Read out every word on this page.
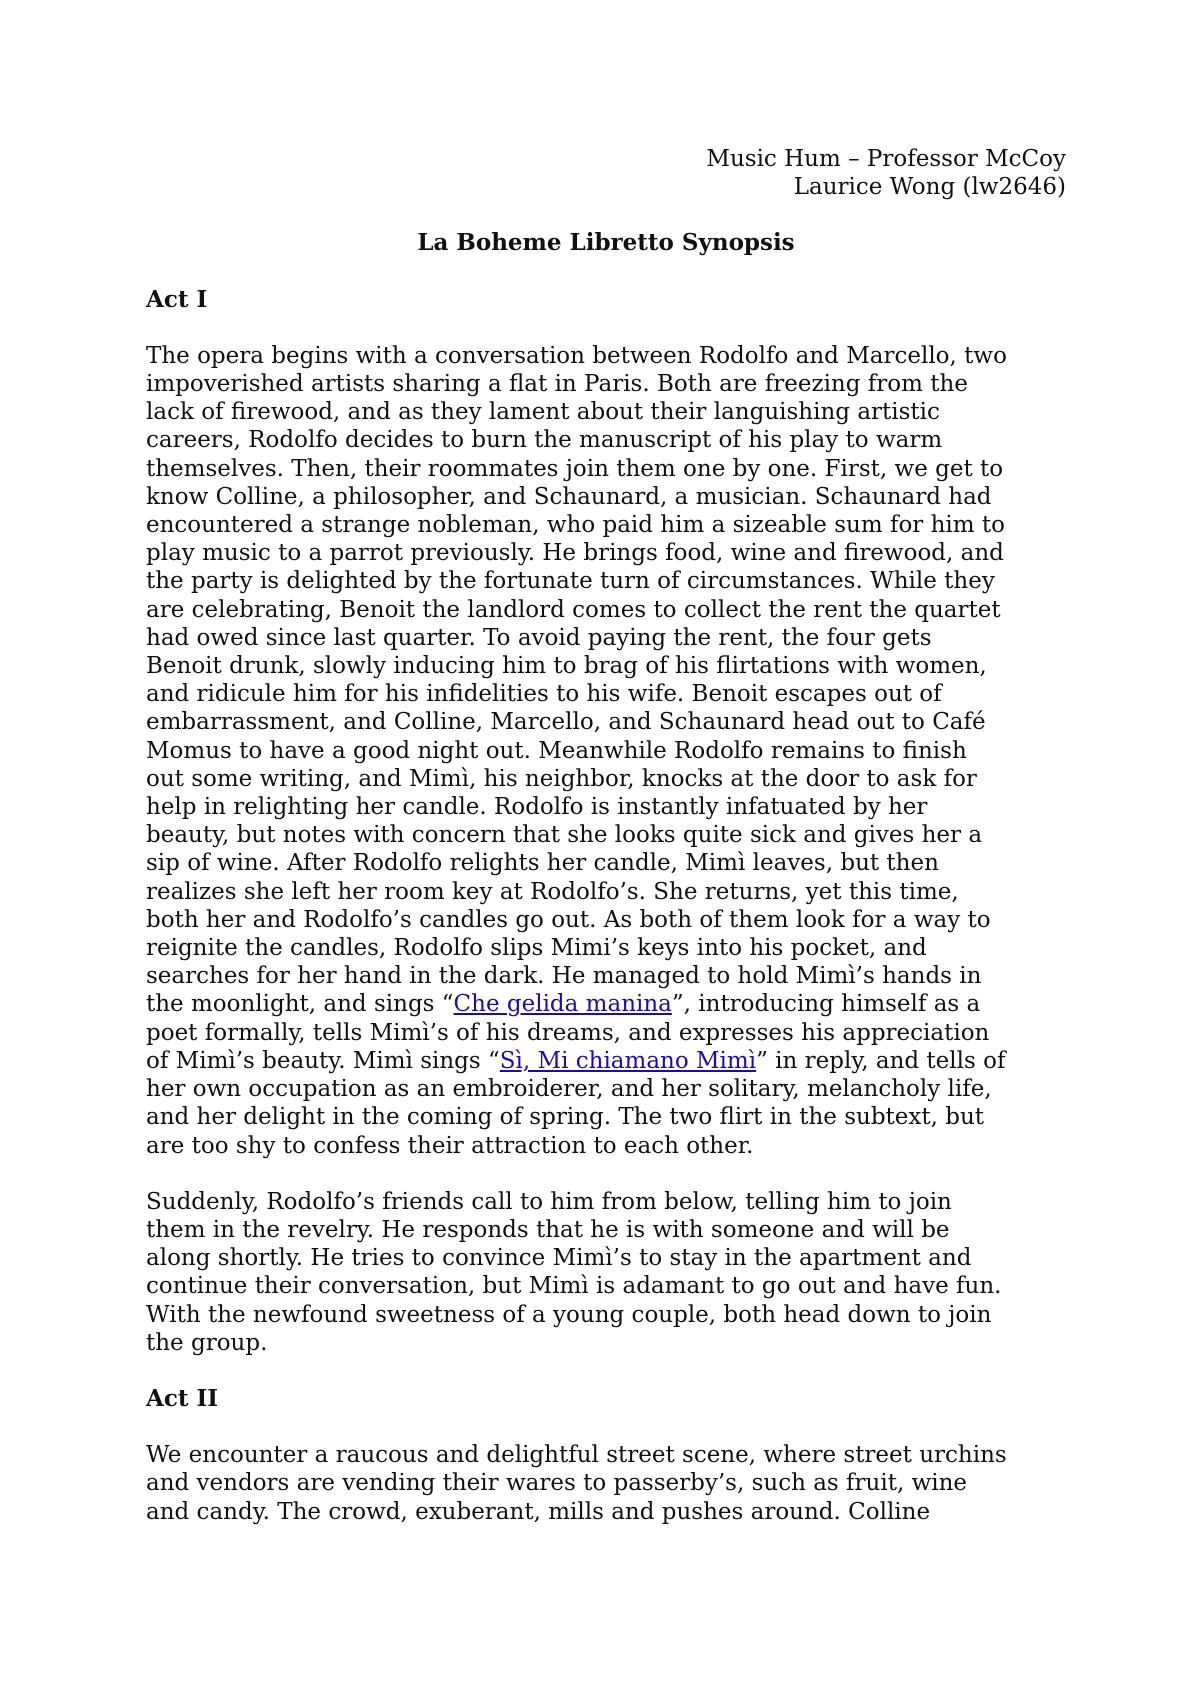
Music Hum – Professor McCoy
Laurice Wong (lw2646)
La Boheme Libretto Synopsis
Act I
The opera begins with a conversation between Rodolfo and Marcello, two
impoverished artists sharing a flat in Paris. Both are freezing from the
lack of firewood, and as they lament about their languishing artistic
careers, Rodolfo decides to burn the manuscript of his play to warm
themselves. Then, their roommates join them one by one. First, we get to
know Colline, a philosopher, and Schaunard, a musician. Schaunard had
encountered a strange nobleman, who paid him a sizeable sum for him to
play music to a parrot previously. He brings food, wine and firewood, and
the party is delighted by the fortunate turn of circumstances. While they
are celebrating, Benoit the landlord comes to collect the rent the quartet
had owed since last quarter. To avoid paying the rent, the four gets
Benoit drunk, slowly inducing him to brag of his flirtations with women,
and ridicule him for his infidelities to his wife. Benoit escapes out of
embarrassment, and Colline, Marcello, and Schaunard head out to Café
Momus to have a good night out. Meanwhile Rodolfo remains to finish
out some writing, and Mimì, his neighbor, knocks at the door to ask for
help in relighting her candle. Rodolfo is instantly infatuated by her
beauty, but notes with concern that she looks quite sick and gives her a
sip of wine. After Rodolfo relights her candle, Mimì leaves, but then
realizes she left her room key at Rodolfo’s. She returns, yet this time,
both her and Rodolfo’s candles go out. As both of them look for a way to
reignite the candles, Rodolfo slips Mimi’s keys into his pocket, and
searches for her hand in the dark. He managed to hold Mimì’s hands in
the moonlight, and sings “Che gelida manina”, introducing himself as a
poet formally, tells Mimì’s of his dreams, and expresses his appreciation
of Mimì’s beauty. Mimì sings “Sì, Mi chiamano Mimì” in reply, and tells of
her own occupation as an embroiderer, and her solitary, melancholy life,
and her delight in the coming of spring. The two flirt in the subtext, but
are too shy to confess their attraction to each other.
Suddenly, Rodolfo’s friends call to him from below, telling him to join
them in the revelry. He responds that he is with someone and will be
along shortly. He tries to convince Mimì’s to stay in the apartment and
continue their conversation, but Mimì is adamant to go out and have fun.
With the newfound sweetness of a young couple, both head down to join
the group.
Act II
We encounter a raucous and delightful street scene, where street urchins
and vendors are vending their wares to passerby’s, such as fruit, wine
and candy. The crowd, exuberant, mills and pushes around. Colline
